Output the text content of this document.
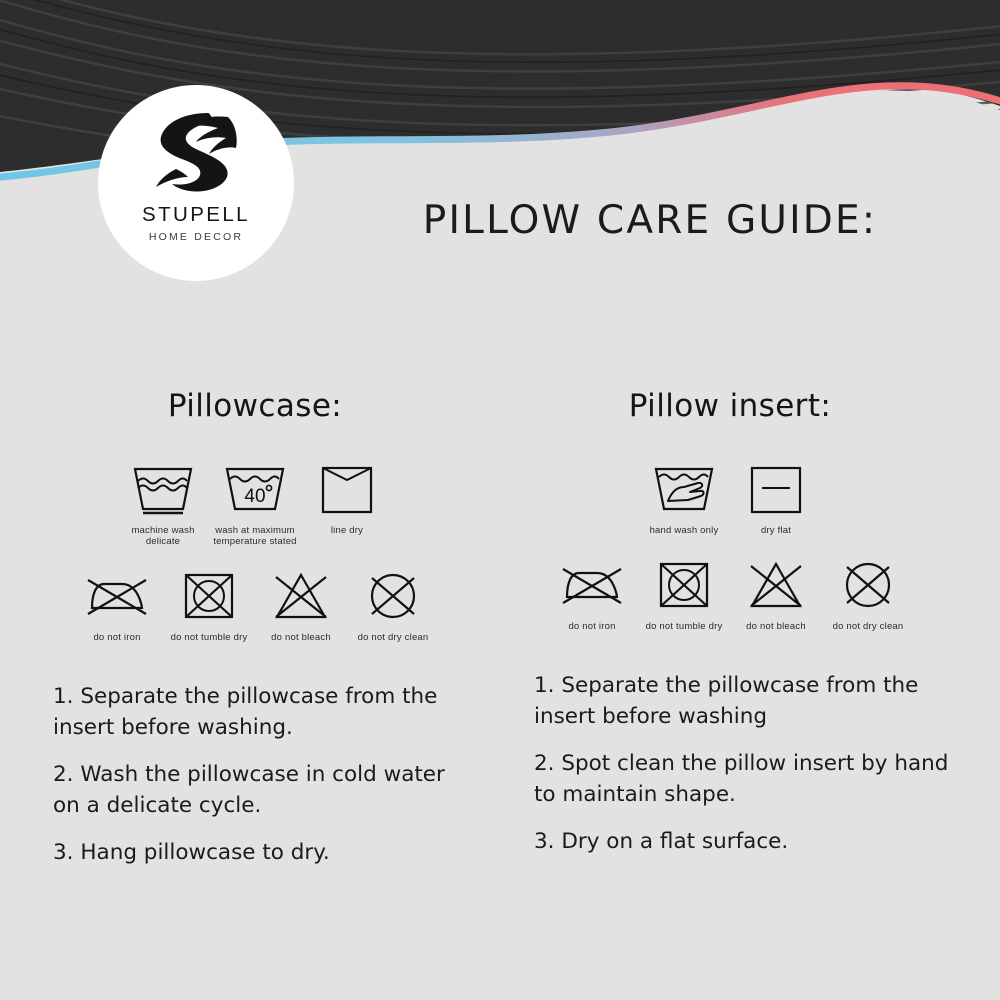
STUPELL
HOME DECOR	PILLOW CARE GUIDE:
Pillowcase:
machine wash delicate
40
wash at maximum temperature stated
line dry
do not iron	do not tumble dry	do not bleach	do not dry clean
1. Separate the pillowcase from the insert before washing.
2. Wash the pillowcase in cold water on a delicate cycle.
3. Hang pillowcase to dry.
Pillow insert:
hand wash only	dry flat
do not iron	do not tumble dry	do not bleach	do not dry clean
1. Separate the pillowcase from the insert before washing
2. Spot clean the pillow insert by hand to maintain shape.
3. Dry on a flat surface.
